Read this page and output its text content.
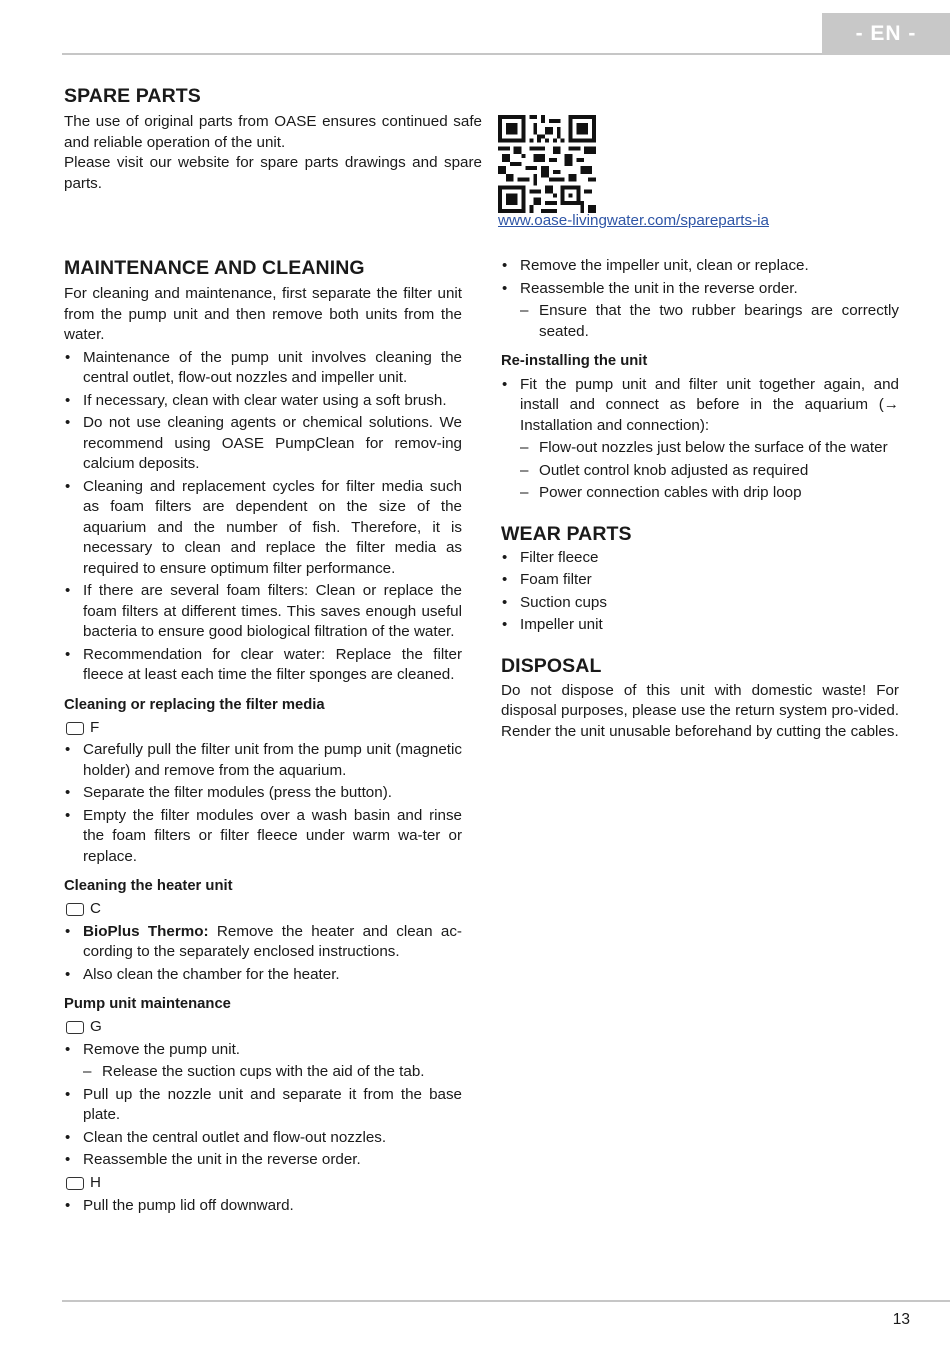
- EN -
SPARE PARTS

The use of original parts from OASE ensures continued safe and reliable operation of the unit.

Please visit our website for spare parts drawings and spare parts.

www.oase-livingwater.com/spareparts-ia
MAINTENANCE AND CLEANING

For cleaning and maintenance, first separate the filter unit from the pump unit and then remove both units from the water.

• Maintenance of the pump unit involves cleaning the central outlet, flow-out nozzles and impeller unit.
• If necessary, clean with clear water using a soft brush.
• Do not use cleaning agents or chemical solutions. We recommend using OASE PumpClean for remov-ing calcium deposits.
• Cleaning and replacement cycles for filter media such as foam filters are dependent on the size of the aquarium and the number of fish. Therefore, it is necessary to clean and replace the filter media as required to ensure optimum filter performance.
• If there are several foam filters: Clean or replace the foam filters at different times. This saves enough useful bacteria to ensure good biological filtration of the water.
• Recommendation for clear water: Replace the filter fleece at least each time the filter sponges are cleaned.
Cleaning or replacing the filter media
F
• Carefully pull the filter unit from the pump unit (magnetic holder) and remove from the aquarium.
• Separate the filter modules (press the button).
• Empty the filter modules over a wash basin and rinse the foam filters or filter fleece under warm wa-ter or replace.
Cleaning the heater unit
C
• BioPlus Thermo: Remove the heater and clean ac-cording to the separately enclosed instructions.
• Also clean the chamber for the heater.
Pump unit maintenance
G
• Remove the pump unit.
– Release the suction cups with the aid of the tab.
• Pull up the nozzle unit and separate it from the base plate.
• Clean the central outlet and flow-out nozzles.
• Reassemble the unit in the reverse order.
H
• Pull the pump lid off downward.
• Remove the impeller unit, clean or replace.
• Reassemble the unit in the reverse order.
– Ensure that the two rubber bearings are correctly seated.
Re-installing the unit
• Fit the pump unit and filter unit together again, and install and connect as before in the aquarium (→ Installation and connection):
– Flow-out nozzles just below the surface of the water
– Outlet control knob adjusted as required
– Power connection cables with drip loop
WEAR PARTS
• Filter fleece
• Foam filter
• Suction cups
• Impeller unit
DISPOSAL

Do not dispose of this unit with domestic waste! For disposal purposes, please use the return system pro-vided. Render the unit unusable beforehand by cutting the cables.

13
